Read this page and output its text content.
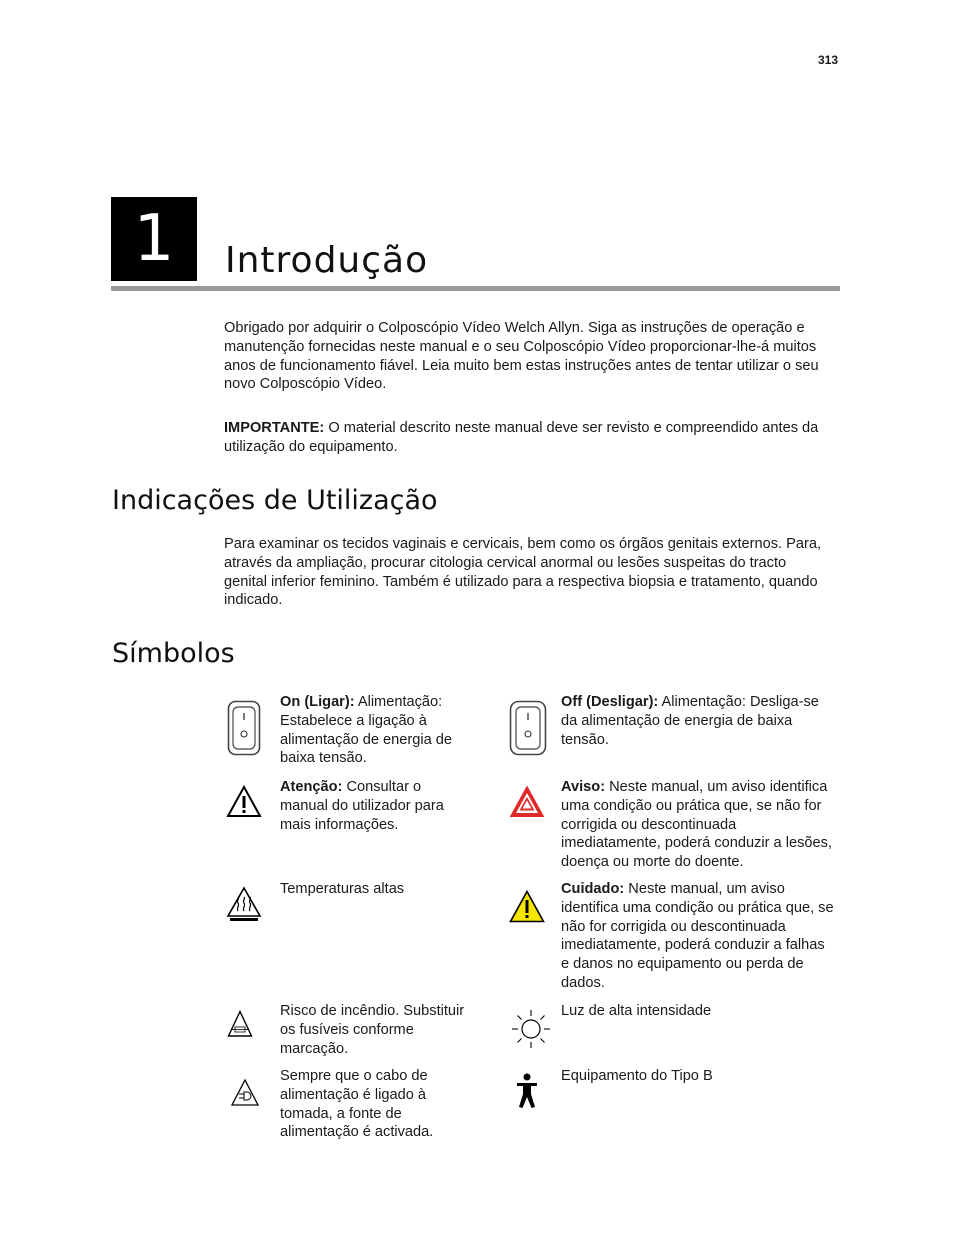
313
1	Introdução
Obrigado por adquirir o Colposcópio Vídeo Welch Allyn. Siga as instruções de operação e manutenção fornecidas neste manual e o seu Colposcópio Vídeo proporcionar-lhe-á muitos anos de funcionamento fiável. Leia muito bem estas instruções antes de tentar utilizar o seu novo Colposcópio Vídeo.
IMPORTANTE: O material descrito neste manual deve ser revisto e compreendido antes da utilização do equipamento.
Indicações de Utilização
Para examinar os tecidos vaginais e cervicais, bem como os órgãos genitais externos. Para, através da ampliação, procurar citologia cervical anormal ou lesões suspeitas do tracto genital inferior feminino. Também é utilizado para a respectiva biopsia e tratamento, quando indicado.
Símbolos
On (Ligar): Alimentação: Estabelece a ligação à alimentação de energia de baixa tensão.
Off (Desligar): Alimentação: Desliga-se da alimentação de energia de baixa tensão.
Atenção: Consultar o manual do utilizador para mais informações.
Aviso: Neste manual, um aviso identifica uma condição ou prática que, se não for corrigida ou descontinuada imediatamente, poderá conduzir a lesões, doença ou morte do doente.
Temperaturas altas	Cuidado: Neste manual, um aviso identifica uma condição ou prática que, se não for corrigida ou descontinuada imediatamente, poderá conduzir a falhas e danos no equipamento ou perda de dados.
Risco de incêndio. Substituir os fusíveis conforme marcação.
Luz de alta intensidade
Sempre que o cabo de alimentação é ligado à tomada, a fonte de alimentação é activada.
Equipamento do Tipo B
